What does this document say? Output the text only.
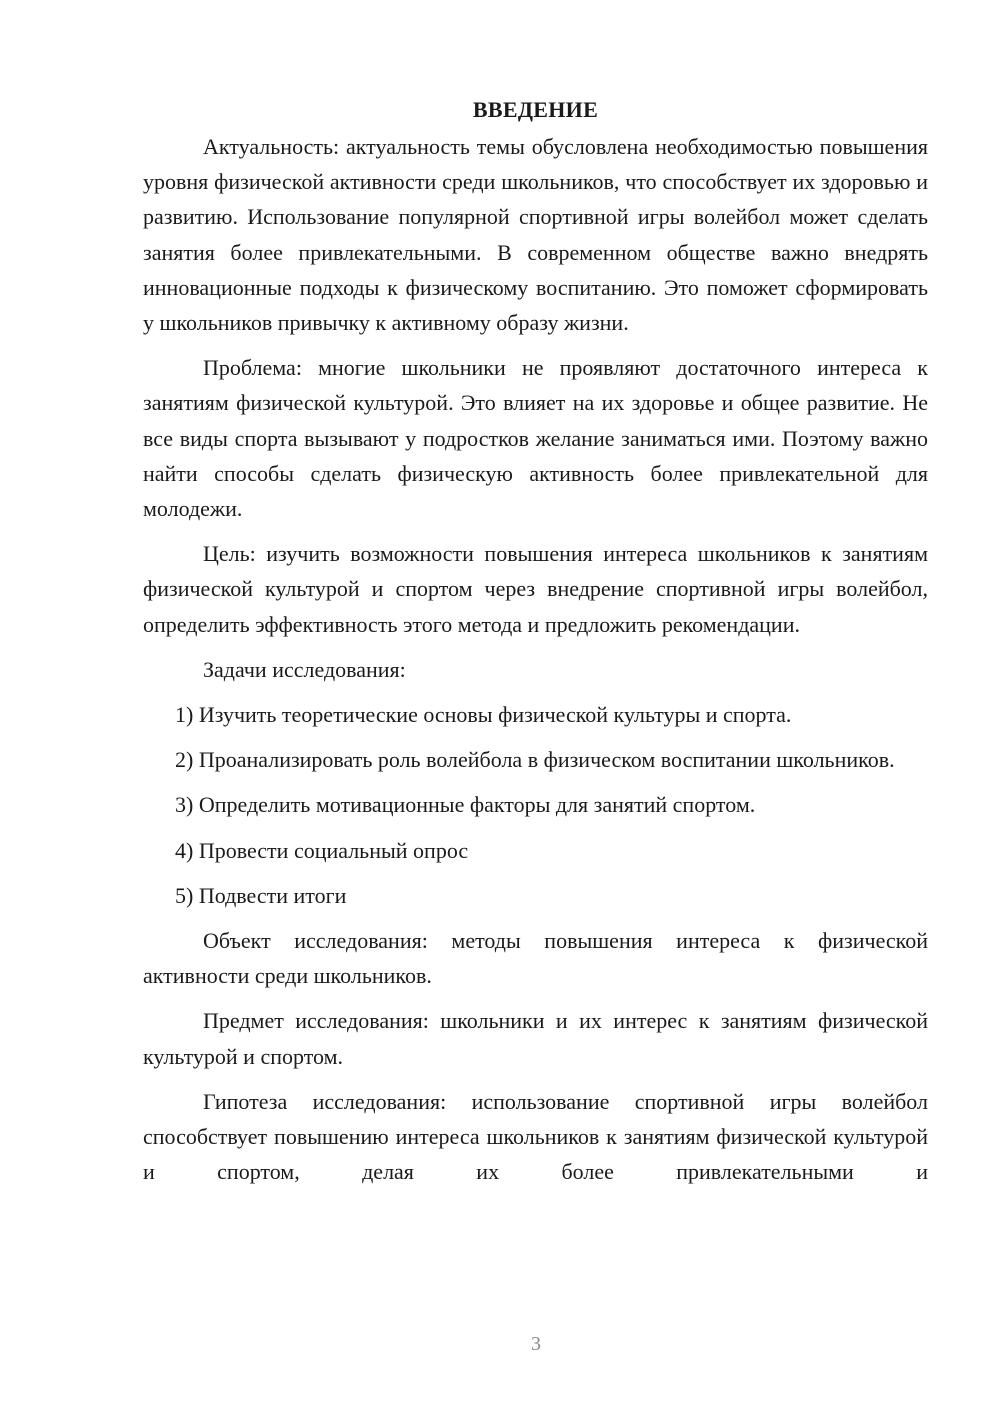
ВВЕДЕНИЕ

Актуальность: актуальность темы обусловлена необходимостью повышения уровня физической активности среди школьников, что способствует их здоровью и развитию. Использование популярной спортивной игры волейбол может сделать занятия более привлекательными. В современном обществе важно внедрять инновационные подходы к физическому воспитанию. Это поможет сформировать у школьников привычку к активному образу жизни.

Проблема: многие школьники не проявляют достаточного интереса к занятиям физической культурой. Это влияет на их здоровье и общее развитие. Не все виды спорта вызывают у подростков желание заниматься ими. Поэтому важно найти способы сделать физическую активность более привлекательной для молодежи.

Цель: изучить возможности повышения интереса школьников к занятиям физической культурой и спортом через внедрение спортивной игры волейбол, определить эффективность этого метода и предложить рекомендации.

Задачи исследования:

1) Изучить теоретические основы физической культуры и спорта.

2) Проанализировать роль волейбола в физическом воспитании школьников.

3) Определить мотивационные факторы для занятий спортом.

4) Провести социальный опрос

5) Подвести итоги

Объект исследования: методы повышения интереса к физической активности среди школьников.

Предмет исследования: школьники и их интерес к занятиям физической культурой и спортом.

Гипотеза исследования: использование спортивной игры волейбол способствует повышению интереса школьников к занятиям физической культурой и спортом, делая их более привлекательными и

3
